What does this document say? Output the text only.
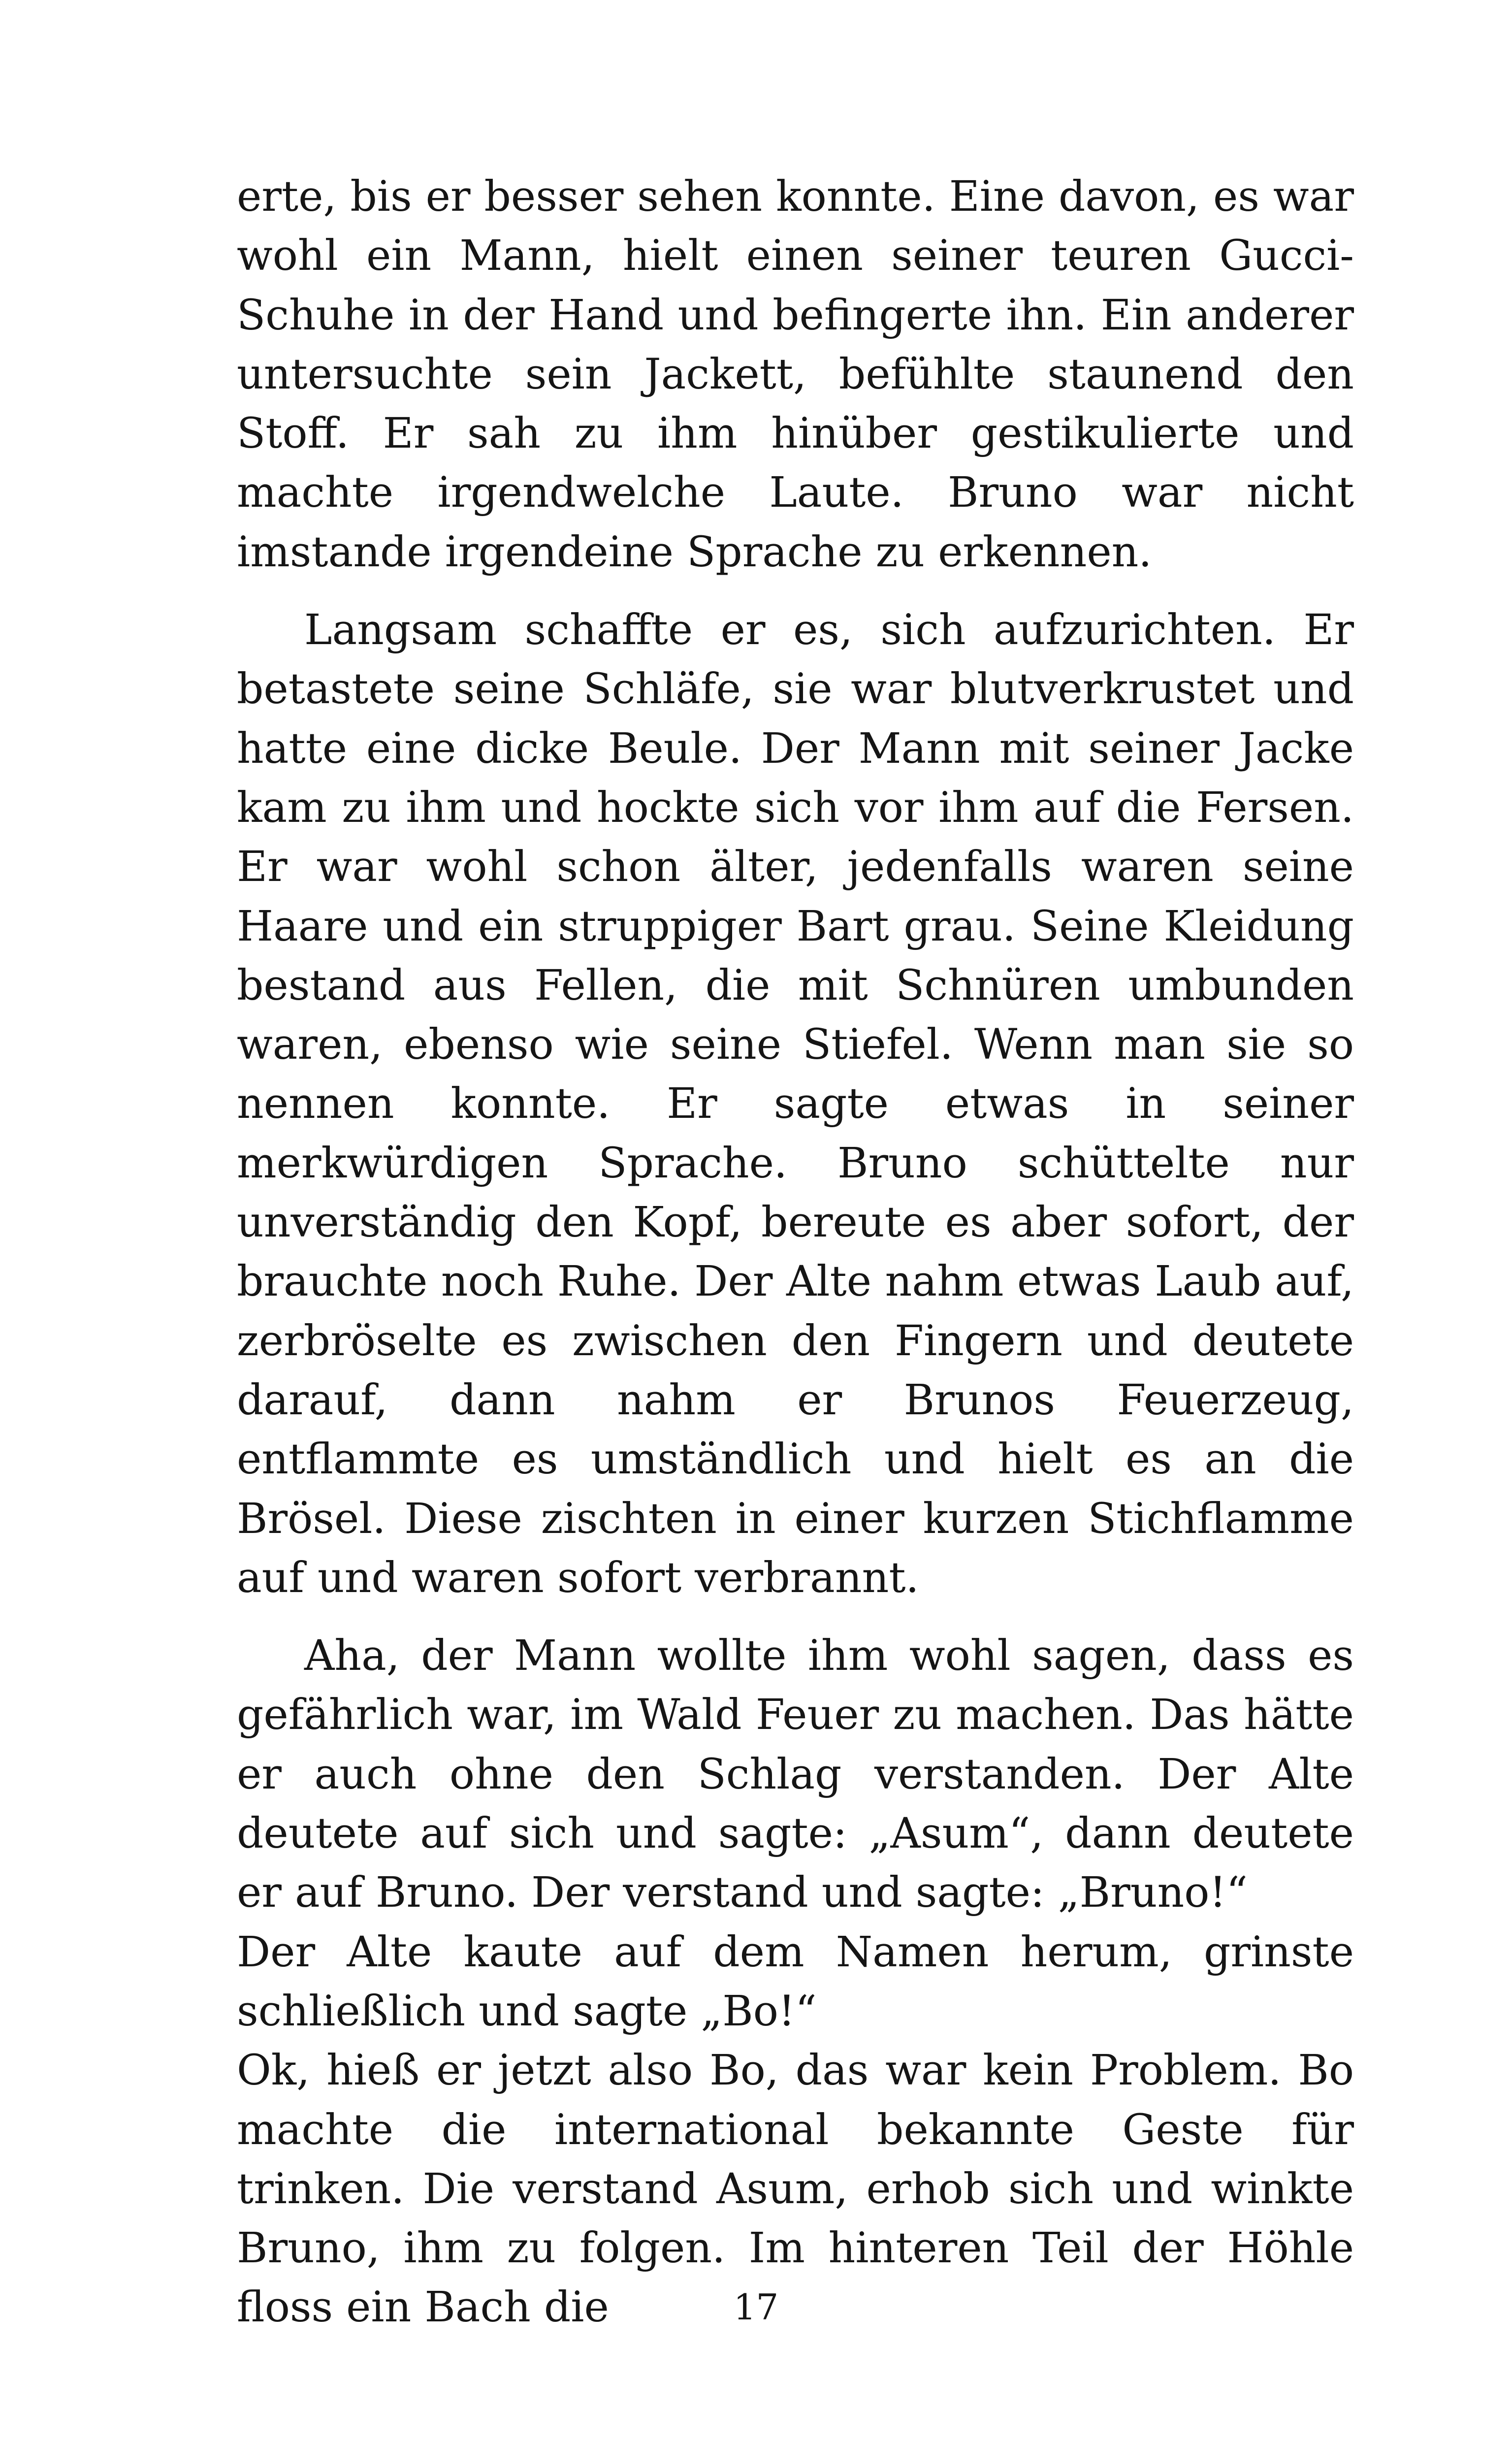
erte, bis er besser sehen konnte. Eine davon, es war wohl ein Mann, hielt einen seiner teuren Gucci-Schuhe in der Hand und befingerte ihn. Ein anderer untersuchte sein Jackett, befühlte staunend den Stoff. Er sah zu ihm hinüber gestikulierte und machte irgendwelche Laute. Bruno war nicht imstande irgendeine Sprache zu erkennen.

Langsam schaffte er es, sich aufzurichten. Er betastete seine Schläfe, sie war blutverkrustet und hatte eine dicke Beule. Der Mann mit seiner Jacke kam zu ihm und hockte sich vor ihm auf die Fersen. Er war wohl schon älter, jedenfalls waren seine Haare und ein struppiger Bart grau. Seine Kleidung bestand aus Fellen, die mit Schnüren umbunden waren, ebenso wie seine Stiefel. Wenn man sie so nennen konnte. Er sagte etwas in seiner merkwürdigen Sprache. Bruno schüttelte nur unverständig den Kopf, bereute es aber sofort, der brauchte noch Ruhe. Der Alte nahm etwas Laub auf, zerbröselte es zwischen den Fingern und deutete darauf, dann nahm er Brunos Feuerzeug, entflammte es umständlich und hielt es an die Brösel. Diese zischten in einer kurzen Stichflamme auf und waren sofort verbrannt.

Aha, der Mann wollte ihm wohl sagen, dass es gefährlich war, im Wald Feuer zu machen. Das hätte er auch ohne den Schlag verstanden. Der Alte deutete auf sich und sagte: „Asum“, dann deutete er auf Bruno. Der verstand und sagte: „Bruno!“

Der Alte kaute auf dem Namen herum, grinste schließlich und sagte „Bo!“

Ok, hieß er jetzt also Bo, das war kein Problem. Bo machte die international bekannte Geste für trinken. Die verstand Asum, erhob sich und winkte Bruno, ihm zu folgen. Im hinteren Teil der Höhle floss ein Bach die	17
